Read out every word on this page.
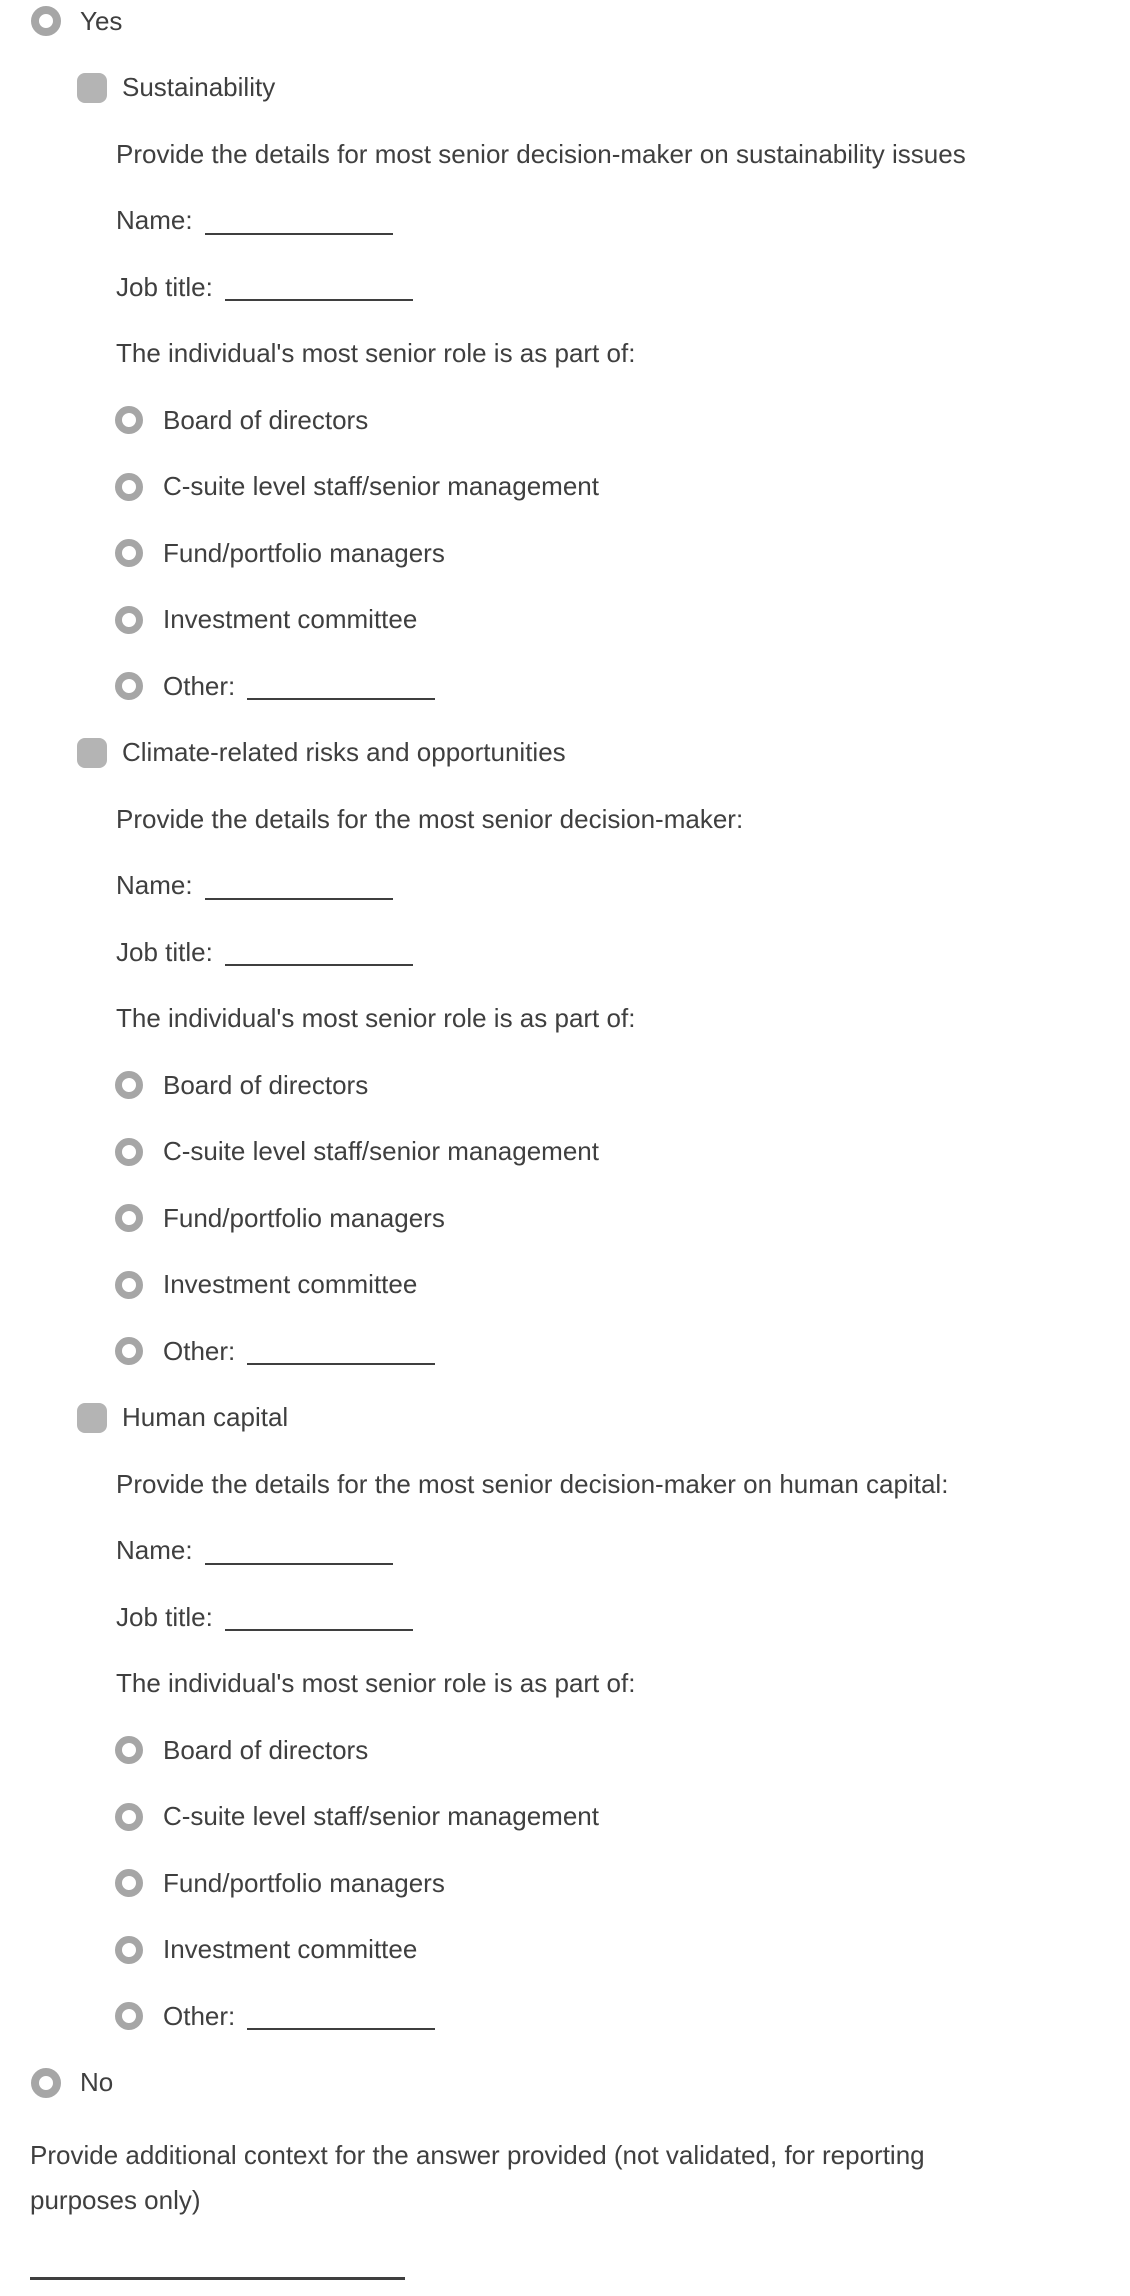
Yes
Sustainability
Provide the details for most senior decision-maker on sustainability issues
Name:
Job title:
The individual's most senior role is as part of:
Board of directors
C-suite level staff/senior management
Fund/portfolio managers
Investment committee
Other:
Climate-related risks and opportunities
Provide the details for the most senior decision-maker:
Name:
Job title:
The individual's most senior role is as part of:
Board of directors
C-suite level staff/senior management
Fund/portfolio managers
Investment committee
Other:
Human capital
Provide the details for the most senior decision-maker on human capital:
Name:
Job title:
The individual's most senior role is as part of:
Board of directors
C-suite level staff/senior management
Fund/portfolio managers
Investment committee
Other:
No
Provide additional context for the answer provided (not validated, for reporting
purposes only)
